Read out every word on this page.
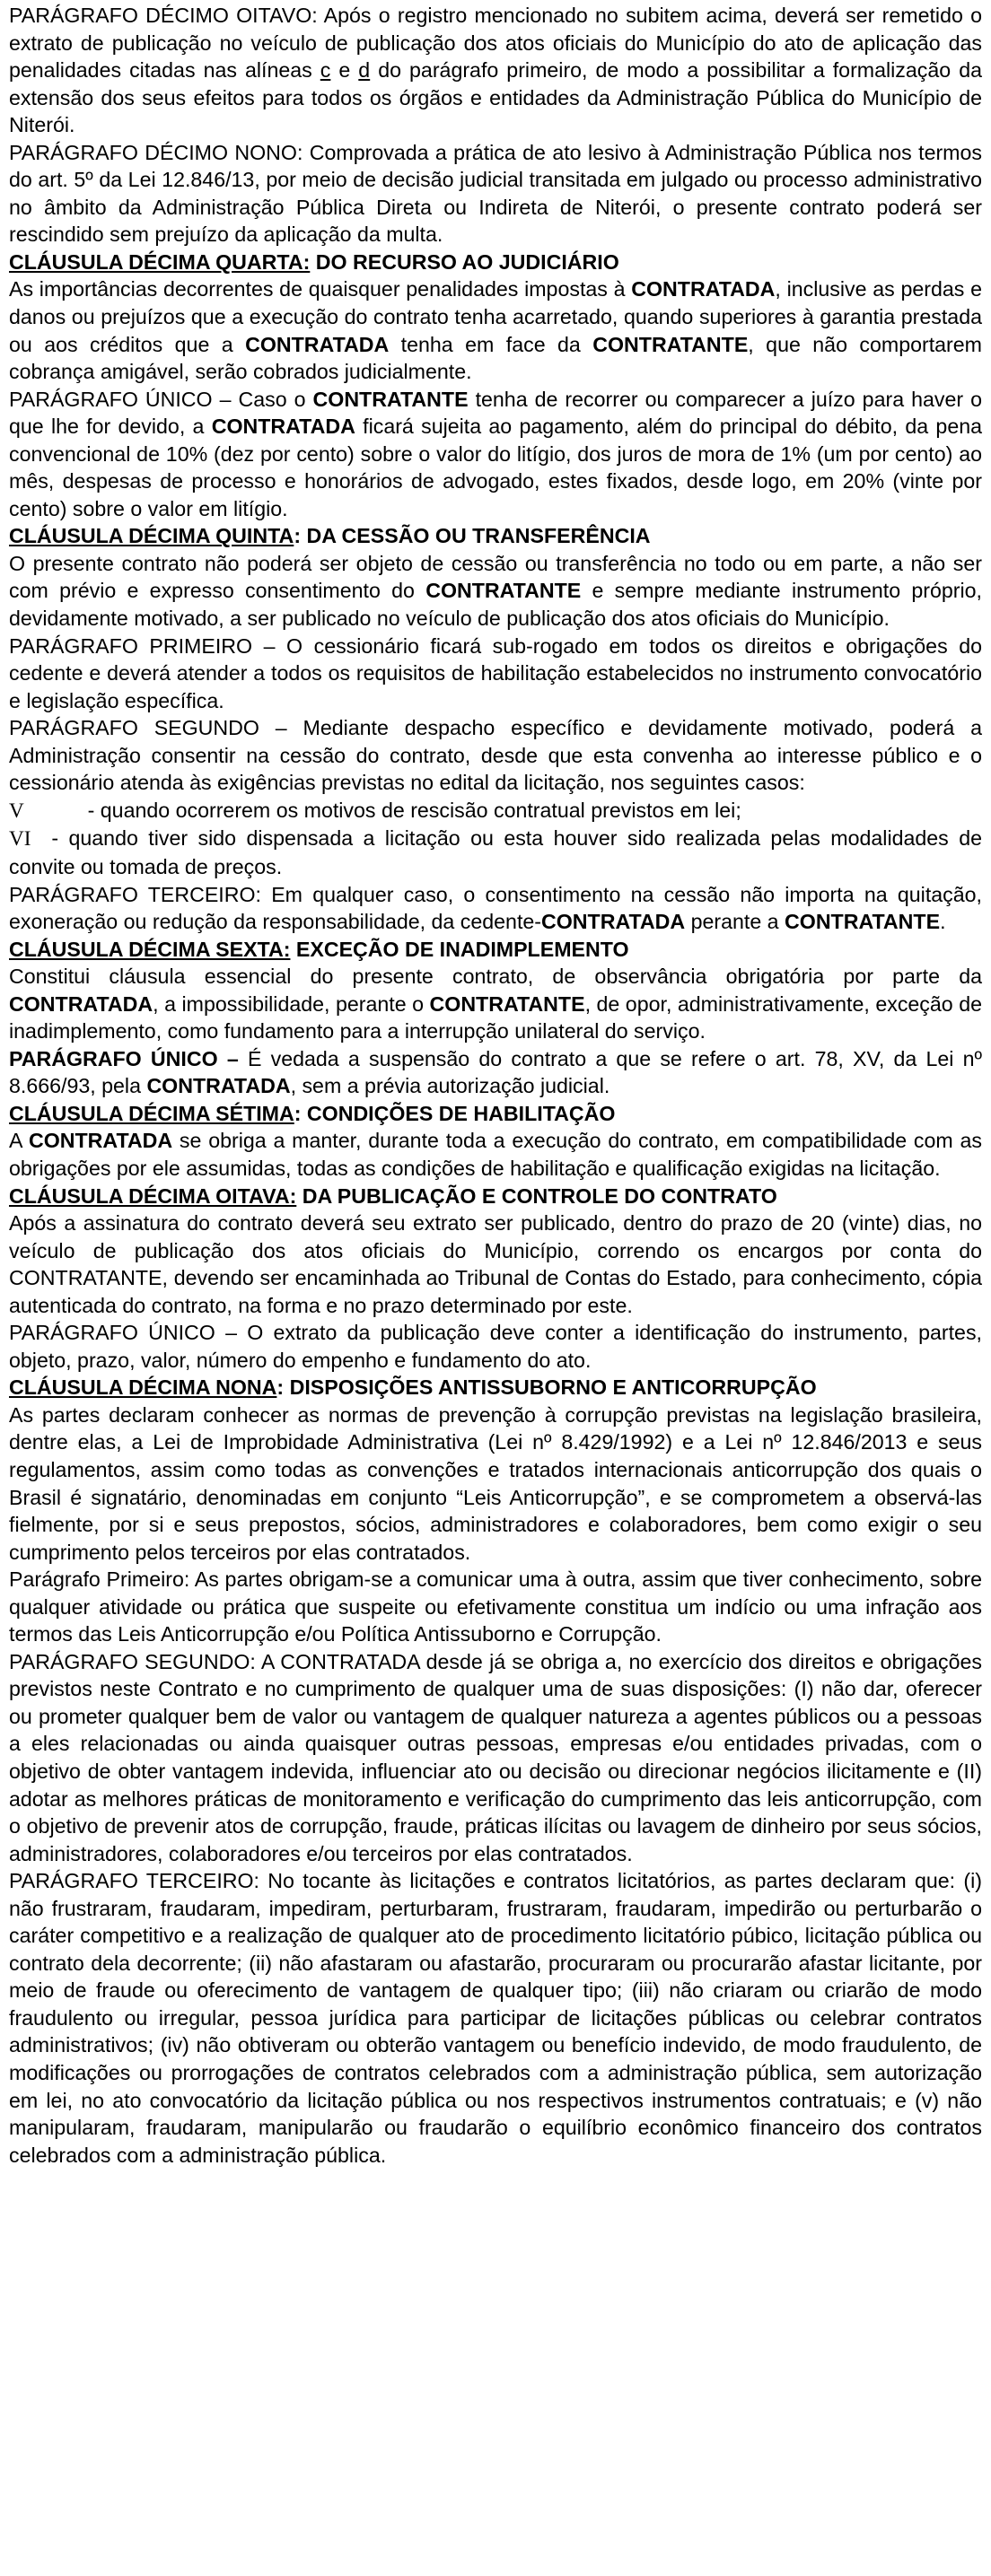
PARÁGRAFO DÉCIMO OITAVO: Após o registro mencionado no subitem acima, deverá ser remetido o extrato de publicação no veículo de publicação dos atos oficiais do Município do ato de aplicação das penalidades citadas nas alíneas c e d do parágrafo primeiro, de modo a possibilitar a formalização da extensão dos seus efeitos para todos os órgãos e entidades da Administração Pública do Município de Niterói.

PARÁGRAFO DÉCIMO NONO: Comprovada a prática de ato lesivo à Administração Pública nos termos do art. 5º da Lei 12.846/13, por meio de decisão judicial transitada em julgado ou processo administrativo no âmbito da Administração Pública Direta ou Indireta de Niterói, o presente contrato poderá ser rescindido sem prejuízo da aplicação da multa.

CLÁUSULA DÉCIMA QUARTA: DO RECURSO AO JUDICIÁRIO

As importâncias decorrentes de quaisquer penalidades impostas à CONTRATADA, inclusive as perdas e danos ou prejuízos que a execução do contrato tenha acarretado, quando superiores à garantia prestada ou aos créditos que a CONTRATADA tenha em face da CONTRATANTE, que não comportarem cobrança amigável, serão cobrados judicialmente.

PARÁGRAFO ÚNICO – Caso o CONTRATANTE tenha de recorrer ou comparecer a juízo para haver o que lhe for devido, a CONTRATADA ficará sujeita ao pagamento, além do principal do débito, da pena convencional de 10% (dez por cento) sobre o valor do litígio, dos juros de mora de 1% (um por cento) ao mês, despesas de processo e honorários de advogado, estes fixados, desde logo, em 20% (vinte por cento) sobre o valor em litígio.

CLÁUSULA DÉCIMA QUINTA: DA CESSÃO OU TRANSFERÊNCIA

O presente contrato não poderá ser objeto de cessão ou transferência no todo ou em parte, a não ser com prévio e expresso consentimento do CONTRATANTE e sempre mediante instrumento próprio, devidamente motivado, a ser publicado no veículo de publicação dos atos oficiais do Município.

PARÁGRAFO PRIMEIRO – O cessionário ficará sub-rogado em todos os direitos e obrigações do cedente e deverá atender a todos os requisitos de habilitação estabelecidos no instrumento convocatório e legislação específica.

PARÁGRAFO SEGUNDO – Mediante despacho específico e devidamente motivado, poderá a Administração consentir na cessão do contrato, desde que esta convenha ao interesse público e o cessionário atenda às exigências previstas no edital da licitação, nos seguintes casos:

V           - quando ocorrerem os motivos de rescisão contratual previstos em lei;

VI  - quando tiver sido dispensada a licitação ou esta houver sido realizada pelas modalidades de convite ou tomada de preços.

PARÁGRAFO TERCEIRO: Em qualquer caso, o consentimento na cessão não importa na quitação, exoneração ou redução da responsabilidade, da cedente-CONTRATADA perante a CONTRATANTE.

CLÁUSULA DÉCIMA SEXTA: EXCEÇÃO DE INADIMPLEMENTO

Constitui cláusula essencial do presente contrato, de observância obrigatória por parte da CONTRATADA, a impossibilidade, perante o CONTRATANTE, de opor, administrativamente, exceção de inadimplemento, como fundamento para a interrupção unilateral do serviço.

PARÁGRAFO ÚNICO – É vedada a suspensão do contrato a que se refere o art. 78, XV, da Lei nº 8.666/93, pela CONTRATADA, sem a prévia autorização judicial.

CLÁUSULA DÉCIMA SÉTIMA: CONDIÇÕES DE HABILITAÇÃO

A CONTRATADA se obriga a manter, durante toda a execução do contrato, em compatibilidade com as obrigações por ele assumidas, todas as condições de habilitação e qualificação exigidas na licitação.

CLÁUSULA DÉCIMA OITAVA: DA PUBLICAÇÃO E CONTROLE DO CONTRATO

Após a assinatura do contrato deverá seu extrato ser publicado, dentro do prazo de 20 (vinte) dias, no veículo de publicação dos atos oficiais do Município, correndo os encargos por conta do CONTRATANTE, devendo ser encaminhada ao Tribunal de Contas do Estado, para conhecimento, cópia autenticada do contrato, na forma e no prazo determinado por este.

PARÁGRAFO ÚNICO – O extrato da publicação deve conter a identificação do instrumento, partes, objeto, prazo, valor, número do empenho e fundamento do ato.

CLÁUSULA DÉCIMA NONA: DISPOSIÇÕES ANTISSUBORNO E ANTICORRUPÇÃO

As partes declaram conhecer as normas de prevenção à corrupção previstas na legislação brasileira, dentre elas, a Lei de Improbidade Administrativa (Lei nº 8.429/1992) e a Lei nº 12.846/2013 e seus regulamentos, assim como todas as convenções e tratados internacionais anticorrupção dos quais o Brasil é signatário, denominadas em conjunto “Leis Anticorrupção”, e se comprometem a observá-las fielmente, por si e seus prepostos, sócios, administradores e colaboradores, bem como exigir o seu cumprimento pelos terceiros por elas contratados.

Parágrafo Primeiro: As partes obrigam-se a comunicar uma à outra, assim que tiver conhecimento, sobre qualquer atividade ou prática que suspeite ou efetivamente constitua um indício ou uma infração aos termos das Leis Anticorrupção e/ou Política Antissuborno e Corrupção.

PARÁGRAFO SEGUNDO: A CONTRATADA desde já se obriga a, no exercício dos direitos e obrigações previstos neste Contrato e no cumprimento de qualquer uma de suas disposições: (I) não dar, oferecer ou prometer qualquer bem de valor ou vantagem de qualquer natureza a agentes públicos ou a pessoas a eles relacionadas ou ainda quaisquer outras pessoas, empresas e/ou entidades privadas, com o objetivo de obter vantagem indevida, influenciar ato ou decisão ou direcionar negócios ilicitamente e (II) adotar as melhores práticas de monitoramento e verificação do cumprimento das leis anticorrupção, com o objetivo de prevenir atos de corrupção, fraude, práticas ilícitas ou lavagem de dinheiro por seus sócios, administradores, colaboradores e/ou terceiros por elas contratados.

PARÁGRAFO TERCEIRO: No tocante às licitações e contratos licitatórios, as partes declaram que: (i) não frustraram, fraudaram, impediram, perturbaram, frustraram, fraudaram, impedirão ou perturbarão o caráter competitivo e a realização de qualquer ato de procedimento licitatório púbico, licitação pública ou contrato dela decorrente; (ii) não afastaram ou afastarão, procuraram ou procurarão afastar licitante, por meio de fraude ou oferecimento de vantagem de qualquer tipo; (iii) não criaram ou criarão de modo fraudulento ou irregular, pessoa jurídica para participar de licitações públicas ou celebrar contratos administrativos; (iv) não obtiveram ou obterão vantagem ou benefício indevido, de modo fraudulento, de modificações ou prorrogações de contratos celebrados com a administração pública, sem autorização em lei, no ato convocatório da licitação pública ou nos respectivos instrumentos contratuais; e (v) não manipularam, fraudaram, manipularão ou fraudarão o equilíbrio econômico financeiro dos contratos celebrados com a administração pública.
